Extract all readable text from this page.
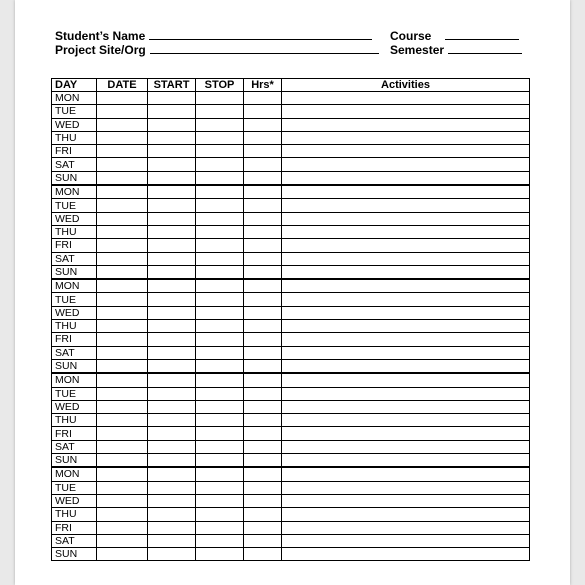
Student’s Name
Project Site/Org
Course
Semester
DAY	DATE	START	STOP	Hrs*	Activities
MON					
TUE					
WED					
THU					
FRI					
SAT					
SUN					
MON					
TUE					
WED					
THU					
FRI					
SAT					
SUN					
MON					
TUE					
WED					
THU					
FRI					
SAT					
SUN					
MON					
TUE					
WED					
THU					
FRI					
SAT					
SUN					
MON					
TUE					
WED					
THU					
FRI					
SAT					
SUN					
